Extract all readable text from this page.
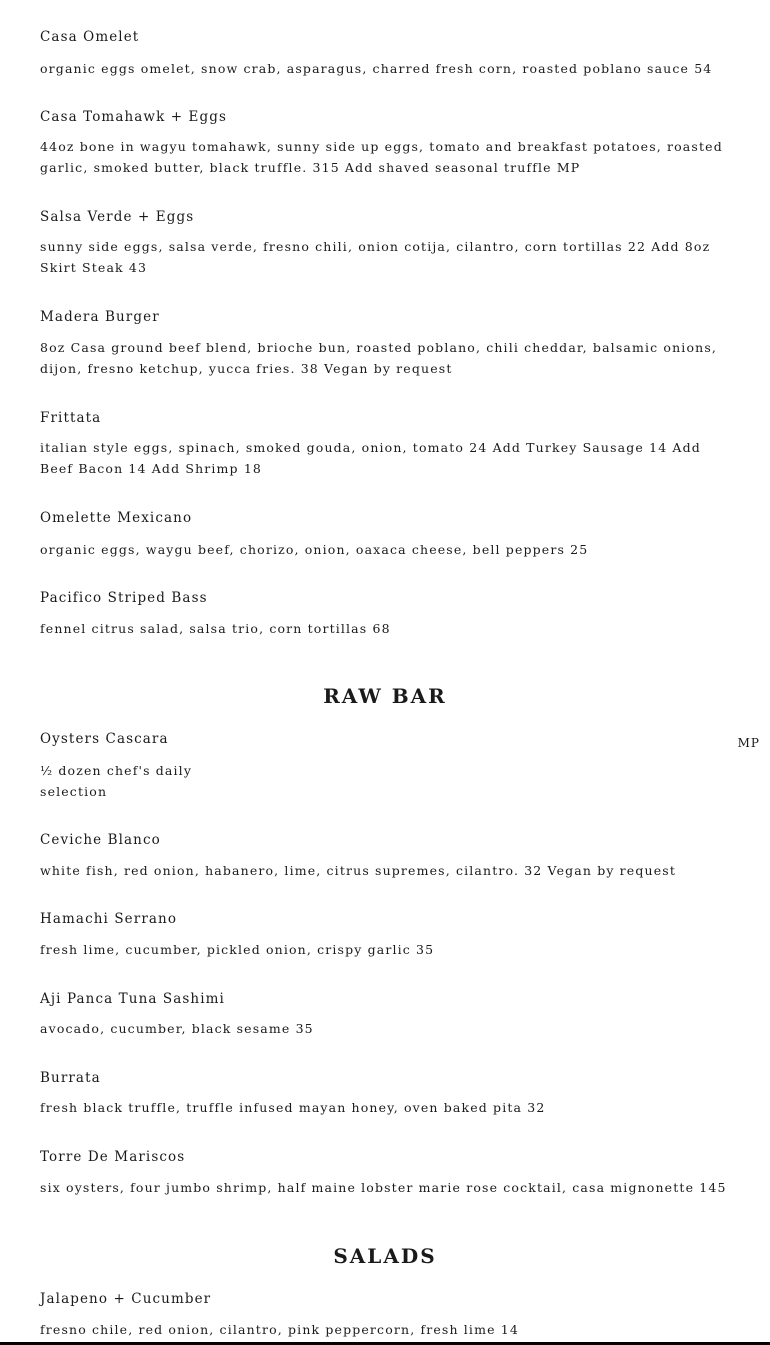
Casa Omelet

organic eggs omelet, snow crab, asparagus, charred fresh corn, roasted poblano sauce 54

Casa Tomahawk + Eggs

44oz bone in wagyu tomahawk, sunny side up eggs, tomato and breakfast potatoes, roasted garlic, smoked butter, black truffle. 315 Add shaved seasonal truffle MP

Salsa Verde + Eggs

sunny side eggs, salsa verde, fresno chili, onion cotija, cilantro, corn tortillas 22 Add 8oz Skirt Steak 43

Madera Burger

8oz Casa ground beef blend, brioche bun, roasted poblano, chili cheddar, balsamic onions, dijon, fresno ketchup, yucca fries. 38 Vegan by request

Frittata

italian style eggs, spinach, smoked gouda, onion, tomato 24 Add Turkey Sausage 14 Add Beef Bacon 14 Add Shrimp 18

Omelette Mexicano

organic eggs, waygu beef, chorizo, onion, oaxaca cheese, bell peppers 25

Pacifico Striped Bass

fennel citrus salad, salsa trio, corn tortillas 68

RAW BAR

Oysters Cascara	MP

½ dozen chef's daily selection

Ceviche Blanco

white fish, red onion, habanero, lime, citrus supremes, cilantro. 32 Vegan by request

Hamachi Serrano

fresh lime, cucumber, pickled onion, crispy garlic 35

Aji Panca Tuna Sashimi

avocado, cucumber, black sesame 35

Burrata

fresh black truffle, truffle infused mayan honey, oven baked pita 32

Torre De Mariscos

six oysters, four jumbo shrimp, half maine lobster marie rose cocktail, casa mignonette 145

SALADS

Jalapeno + Cucumber

fresno chile, red onion, cilantro, pink peppercorn, fresh lime 14
